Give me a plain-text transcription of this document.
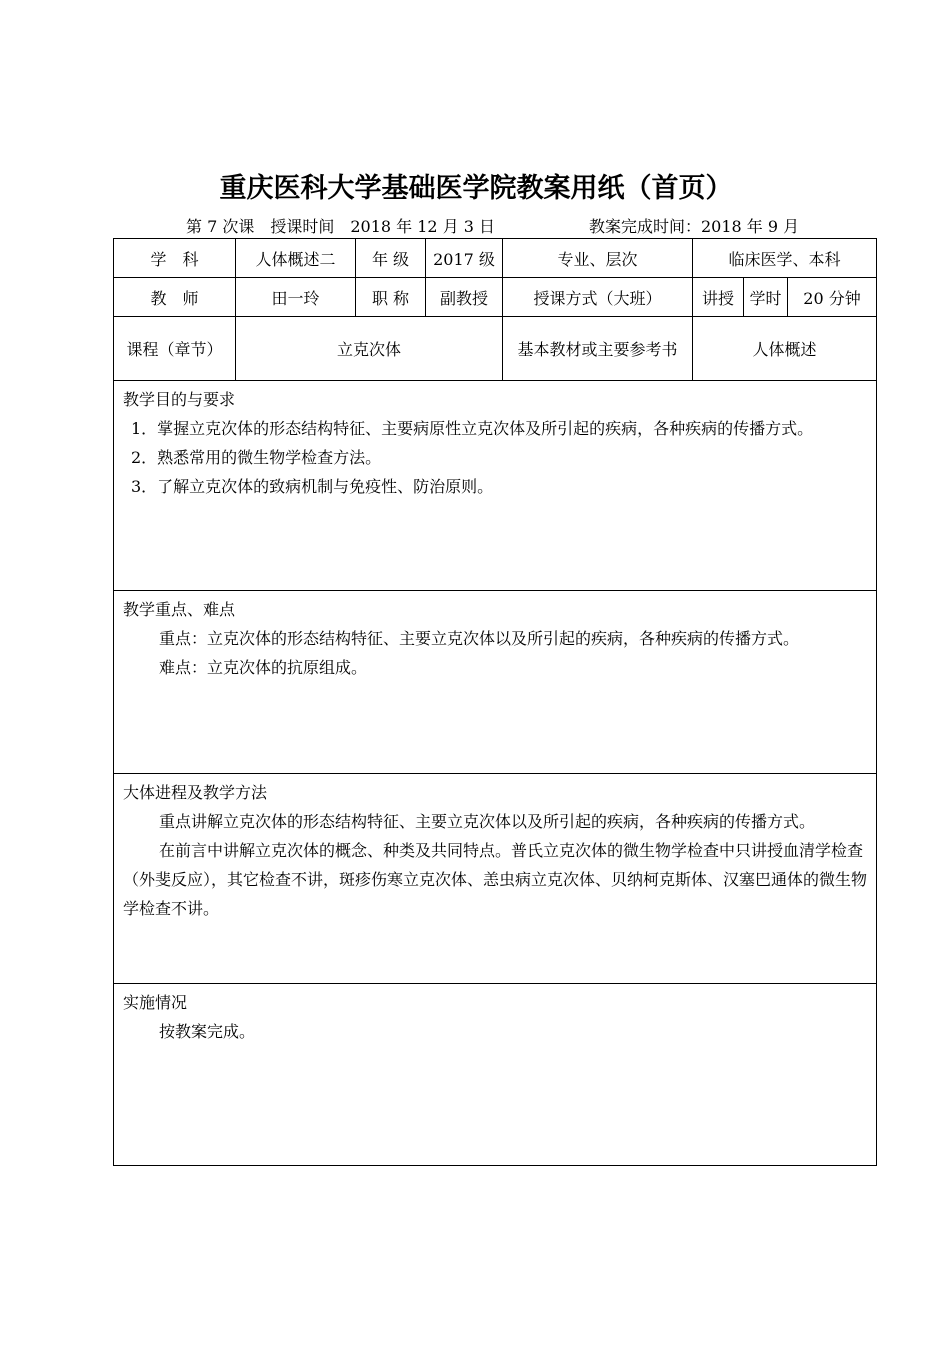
重庆医科大学基础医学院教案用纸（首页）
第 7 次课　授课时间　2018 年 12 月 3 日	教案完成时间：2018 年 9 月
学　科	人体概述二	年 级	2017 级	专业、层次	临床医学、本科		
教　师	田一玲	职 称	副教授	授课方式（大班）	讲授	学时	20 分钟
课程（章节）	立克次体			基本教材或主要参考书	人体概述		

教学目的与要求

1．掌握立克次体的形态结构特征、主要病原性立克次体及所引起的疾病，各种疾病的传播方式。

2．熟悉常用的微生物学检查方法。

3．了解立克次体的致病机制与免疫性、防治原则。							

教学重点、难点

重点：立克次体的形态结构特征、主要立克次体以及所引起的疾病，各种疾病的传播方式。

难点：立克次体的抗原组成。							

大体进程及教学方法

重点讲解立克次体的形态结构特征、主要立克次体以及所引起的疾病，各种疾病的传播方式。

在前言中讲解立克次体的概念、种类及共同特点。普氏立克次体的微生物学检查中只讲授血清学检查（外斐反应），其它检查不讲，斑疹伤寒立克次体、恙虫病立克次体、贝纳柯克斯体、汉塞巴通体的微生物学检查不讲。							

实施情况

按教案完成。							
